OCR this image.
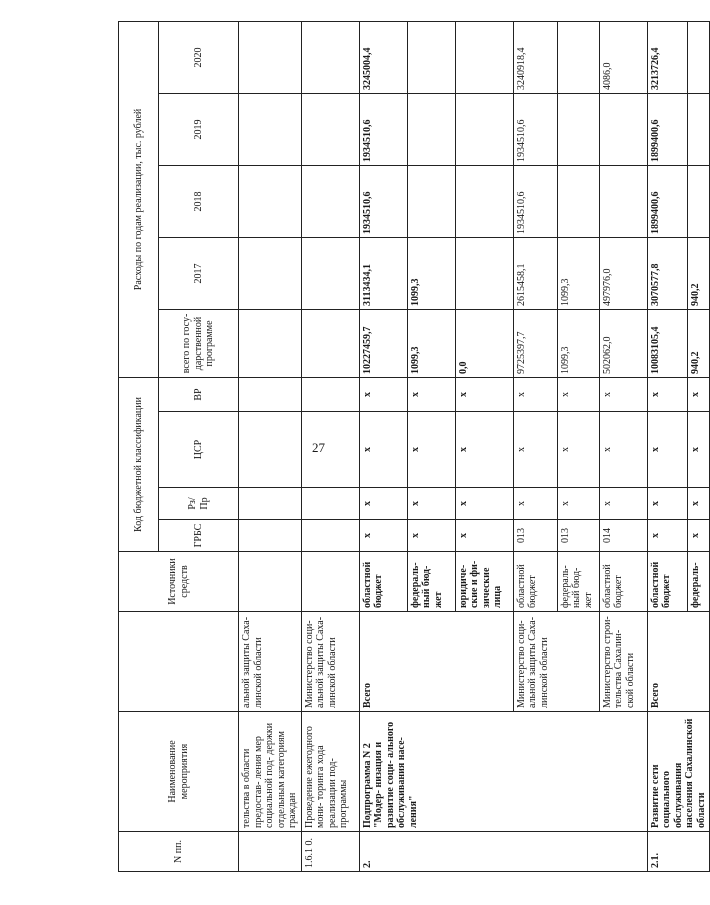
27
N пп.	Наименование мероприятия		Источники средств	Код бюджетной классификации				Расходы по годам реализации, тыс. рублей				
				ГРБС	Рз/ Пр	ЦСР	ВР	всего по госу- дарственной программе	2017	2018	2019	2020
	тельства в области предостав- ления мер социальной под- держки отдельным категориям граждан	альной защиты Саха- линской области										
1.6.1 0.	Проведение ежегодного мони- торинга хода реализации под- программы	Министерство соци- альной защиты Саха- линской области										
2.	Подпрограмма N 2 "Модер- низация и развитие соци- ального обслуживания насе- ления"	Всего	областной бюджет	х	х	х	х	10227459,7	3113434,1	1934510,6	1934510,6	3245004,4
			федераль- ный бюд- жет	х	х	х	х	1099,3	1099,3			
			юридиче- ские и фи- зические лица	х	х	х	х	0,0				
		Министерство соци- альной защиты Саха- линской области	областной бюджет	013	х	х	х	9725397,7	2615458,1	1934510,6	1934510,6	3240918,4
			федераль- ный бюд- жет	013	х	х	х	1099,3	1099,3			
		Министерство строи- тельства Сахалин- ской области	областной бюджет	014	х	х	х	502062,0	497976,0			4086,0
2.1.	Развитие сети социального обслуживания населения Сахалинской области	Всего	областной бюджет	х	х	х	х	10083105,4	3070577,8	1899400,6	1899400,6	3213726,4
			федераль-	х	х	х	х	940,2	940,2			
